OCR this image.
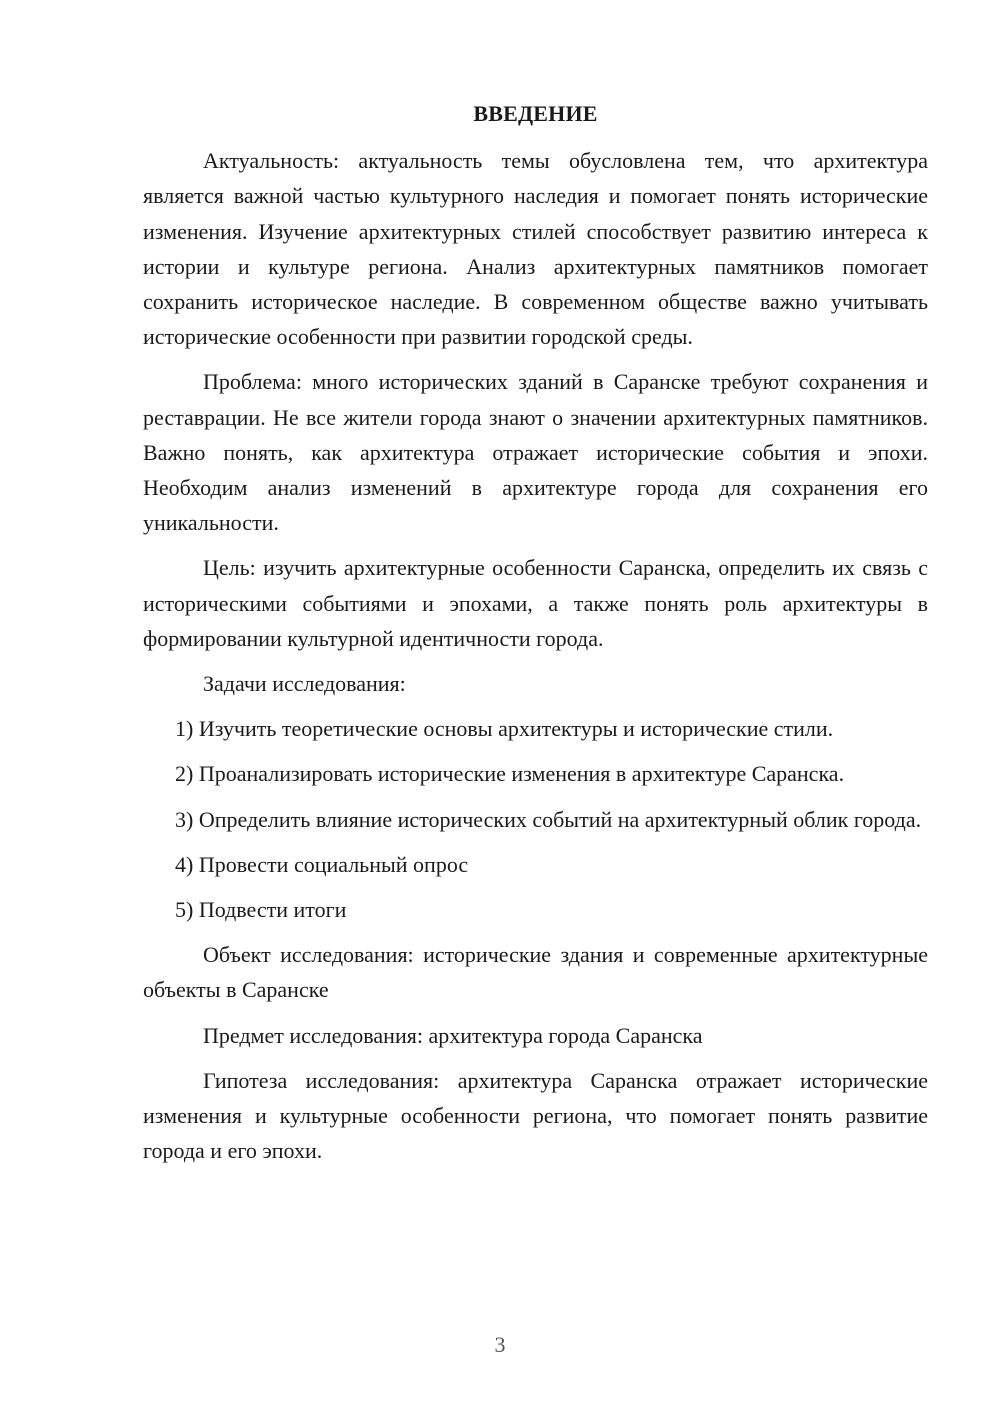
ВВЕДЕНИЕ

Актуальность: актуальность темы обусловлена тем, что архитектура является важной частью культурного наследия и помогает понять исторические изменения. Изучение архитектурных стилей способствует развитию интереса к истории и культуре региона. Анализ архитектурных памятников помогает сохранить историческое наследие. В современном обществе важно учитывать исторические особенности при развитии городской среды.

Проблема: много исторических зданий в Саранске требуют сохранения и реставрации. Не все жители города знают о значении архитектурных памятников. Важно понять, как архитектура отражает исторические события и эпохи. Необходим анализ изменений в архитектуре города для сохранения его уникальности.

Цель: изучить архитектурные особенности Саранска, определить их связь с историческими событиями и эпохами, а также понять роль архитектуры в формировании культурной идентичности города.

Задачи исследования:

1) Изучить теоретические основы архитектуры и исторические стили.

2) Проанализировать исторические изменения в архитектуре Саранска.

3) Определить влияние исторических событий на архитектурный облик города.

4) Провести социальный опрос

5) Подвести итоги

Объект исследования: исторические здания и современные архитектурные объекты в Саранске

Предмет исследования: архитектура города Саранска

Гипотеза исследования: архитектура Саранска отражает исторические изменения и культурные особенности региона, что помогает понять развитие города и его эпохи.

3
